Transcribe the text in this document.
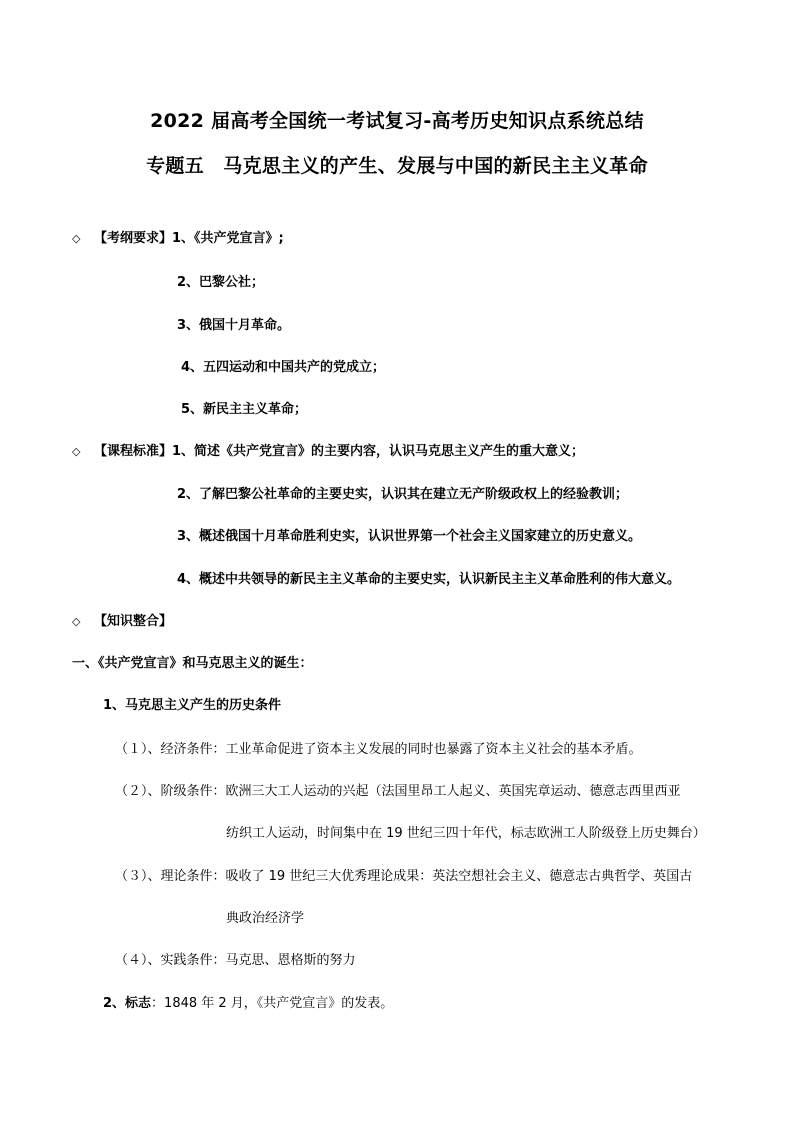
2022 届高考全国统一考试复习-高考历史知识点系统总结
专题五　马克思主义的产生、发展与中国的新民主主义革命
◇ 【考纲要求】1、《共产党宣言》;
2、巴黎公社；
3、俄国十月革命。
4、五四运动和中国共产的党成立；
5、新民主主义革命；
◇ 【课程标准】1、简述《共产党宣言》的主要内容，认识马克思主义产生的重大意义；
2、了解巴黎公社革命的主要史实，认识其在建立无产阶级政权上的经验教训；
3、概述俄国十月革命胜利史实，认识世界第一个社会主义国家建立的历史意义。
4、概述中共领导的新民主主义革命的主要史实，认识新民主主义革命胜利的伟大意义。
◇ 【知识整合】
一、《共产党宣言》和马克思主义的诞生：
1、马克思主义产生的历史条件
（１）、经济条件：工业革命促进了资本主义发展的同时也暴露了资本主义社会的基本矛盾。
（２）、阶级条件：欧洲三大工人运动的兴起（法国里昂工人起义、英国宪章运动、德意志西里西亚
纺织工人运动，时间集中在 19 世纪三四十年代，标志欧洲工人阶级登上历史舞台）
（３）、理论条件：吸收了 19 世纪三大优秀理论成果：英法空想社会主义、德意志古典哲学、英国古
典政治经济学
（４）、实践条件：马克思、恩格斯的努力
2、标志：1848 年 2 月，《共产党宣言》的发表。
